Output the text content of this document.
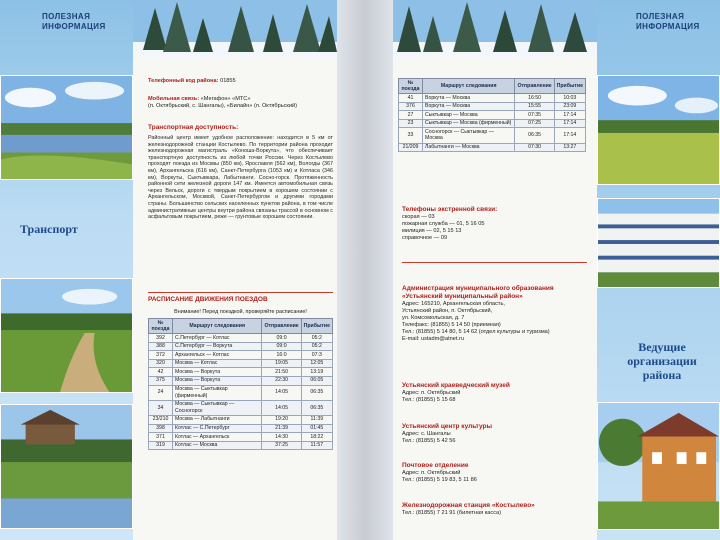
ПОЛЕЗНАЯ
ИНФОРМАЦИЯ
Транспорт
Телефонный код района: 01855
Мобильная связь: «Мегафон» «МТС»
(п. Октябрьский, с. Шангалы), «Билайн» (п. Октябрьский)
Транспортная доступность:
Районный центр имеет удобное расположение: находится в 5 км от железнодорожной станции Костылево. По территории района проходит железнодорожная магистраль «Коноша-Воркута», что обеспечивает транспортную доступность из любой точки России. Через Костылево проходят поезда из Москвы (850 км), Ярославля (562 км), Вологды (367 км), Архангельска (616 км), Санкт-Петербурга (1053 км) и Котласа (346 км), Воркуты, Сыктывкара, Лабытнанги. Сосно-горск. Протяженность районной сети железной дороги 147 км. Имеется автомобильная связь через Вельск, дороги с твердым покрытием в хорошем состоянии с Архангельском, Москвой, Санкт-Петербургом и другими городами страны. Большинство сельских населенных пунктов района, в том числе административные центры внутри района связаны трассой в основном с асфальтовым покрытием, реже — грунтовые хорошем состоянии.
РАСПИСАНИЕ ДВИЖЕНИЯ ПОЕЗДОВ
Внимание! Перед поездкой, проверяйте расписание!
№ поезда	Маршрут следования	Отправление	Прибытие
392	С.Петербург — Котлас	09:0	05:2
388	С.Петербург — Воркута	09:0	05:2
372	Архангельск — Котлас	16:0	07:3
320	Москва — Котлас	19:05	12:05
42	Москва — Воркута	21:50	13:19
375	Москва — Воркута	22:30	06:05
24	Москва — Сыктывкар (фирменный)	14:05	06:35
34	Москва — Сыктывкар — Сосногорск	14:05	06:35
23/210	Москва — Лабытнанги	19:20	11:39
398	Котлас — С.Петербург	21:39	01:45
371	Котлас — Архангельск	14:30	18:22
319	Котлас — Москва	37:25	11:57
№ поезда	Маршрут следования	Отправление	Прибытие
41	Воркута — Москва	16:50	10:03
376	Воркута — Москва	15:55	23:09
27	Сыктывкар — Москва	07:35	17:14
23	Сыктывкар — Москва (фирменный)	07:25	17:14
33	Сосногорск — Сыктывкар — Москва	06:35	17:14
21/209	Лабытнанги — Москва	07:30	13:27
Телефоны экстренной связи:
скорая — 03
пожарная служба — 01, 5 16 05
милиция — 02, 5 15 13
справочное — 09
Администрация муниципального образования «Устьянский муниципальный район»
Адрес: 165210, Архангельская область,
Устьянский район, п. Октябрьский,
ул. Комсомольская, д. 7
Телефакс: (81855) 5 14 50 (приемная)
Тел.: (81855) 5 14 80, 5 14 62 (отдел культуры и туризма)
E-mail: ustadm@atnet.ru
Устьянский краеведческий музей
Адрес: п. Октябрьский
Тел.: (81855) 5 15 68
Устьянский центр культуры
Адрес: с. Шангалы
Тел.: (81855) 5 42 56
Почтовое отделение
Адрес: п. Октябрьский
Тел.: (81855) 5 19 83, 5 11 86
Железнодорожная станция «Костылево»
Тел.: (81855) 7 21 91 (билетная касса)
ПОЛЕЗНАЯ
ИНФОРМАЦИЯ
Ведущие
организации
района
